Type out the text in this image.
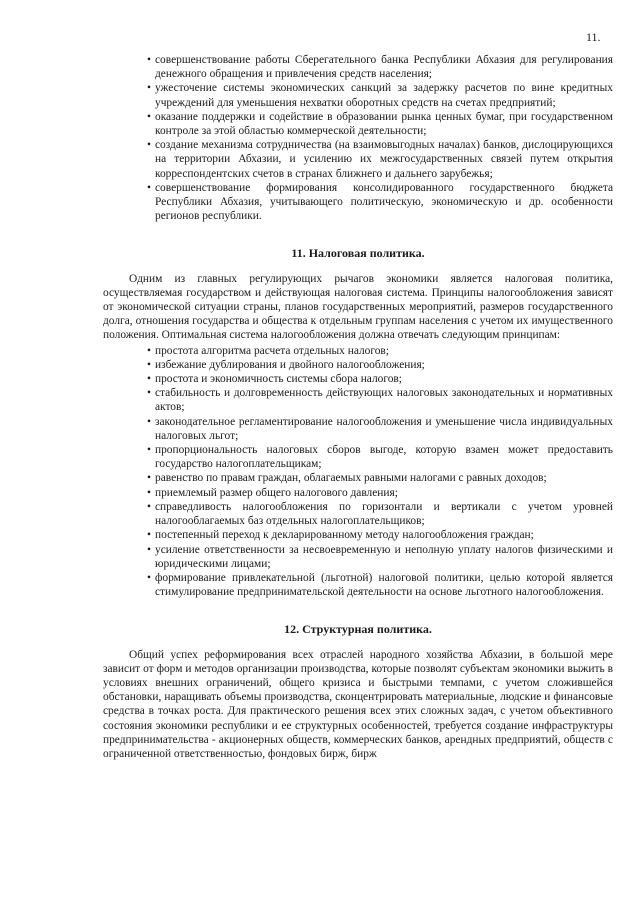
11.
• совершенствование работы Сберегательного банка Республики Абхазия для регулирования денежного обращения и привлечения средств населения;
• ужесточение системы экономических санкций за задержку расчетов по вине кредитных учреждений для уменьшения нехватки оборотных средств на счетах предприятий;
• оказание поддержки и содействие в образовании рынка ценных бумаг, при государственном контроле за этой областью коммерческой деятельности;
• создание механизма сотрудничества (на взаимовыгодных началах) банков, дислоцирующихся на территории Абхазии, и усилению их межгосударственных связей путем открытия корреспондентских счетов в странах ближнего и дальнего зарубежья;
• совершенствование формирования консолидированного государственного бюджета Республики Абхазия, учитывающего политическую, экономическую и др. особенности регионов республики.
11. Налоговая политика.

Одним из главных регулирующих рычагов экономики является налоговая политика, осуществляемая государством и действующая налоговая система. Принципы налогообложения зависят от экономической ситуации страны, планов государственных мероприятий, размеров государственного долга, отношения государства и общества к отдельным группам населения с учетом их имущественного положения. Оптимальная система налогообложения должна отвечать следующим принципам:

• простота алгоритма расчета отдельных налогов;
• избежание дублирования и двойного налогообложения;
• простота и экономичность системы сбора налогов;
• стабильность и долговременность действующих налоговых законодательных и нормативных актов;
• законодательное регламентирование налогообложения и уменьшение числа индивидуальных налоговых льгот;
• пропорциональность налоговых сборов выгоде, которую взамен может предоставить государство налогоплательщикам;
• равенство по правам граждан, облагаемых равными налогами с равных доходов;
• приемлемый размер общего налогового давления;
• справедливость налогообложения по горизонтали и вертикали с учетом уровней налогооблагаемых баз отдельных налогоплательщиков;
• постепенный переход к декларированному методу налогообложения граждан;
• усиление ответственности за несвоевременную и неполную уплату налогов физическими и юридическими лицами;
• формирование привлекательной (льготной) налоговой политики, целью которой является стимулирование предпринимательской деятельности на основе льготного налогообложения.
12. Структурная политика.

Общий успех реформирования всех отраслей народного хозяйства Абхазии, в большой мере зависит от форм и методов организации производства, которые позволят субъектам экономики выжить в условиях внешних ограничений, общего кризиса и быстрыми темпами, с учетом сложившейся обстановки, наращивать объемы производства, сконцентрировать материальные, людские и финансовые средства в точках роста. Для практического решения всех этих сложных задач, с учетом объективного состояния экономики республики и ее структурных особенностей, требуется создание инфраструктуры предпринимательства - акционерных обществ, коммерческих банков, арендных предприятий, обществ с ограниченной ответственностью, фондовых бирж, бирж
